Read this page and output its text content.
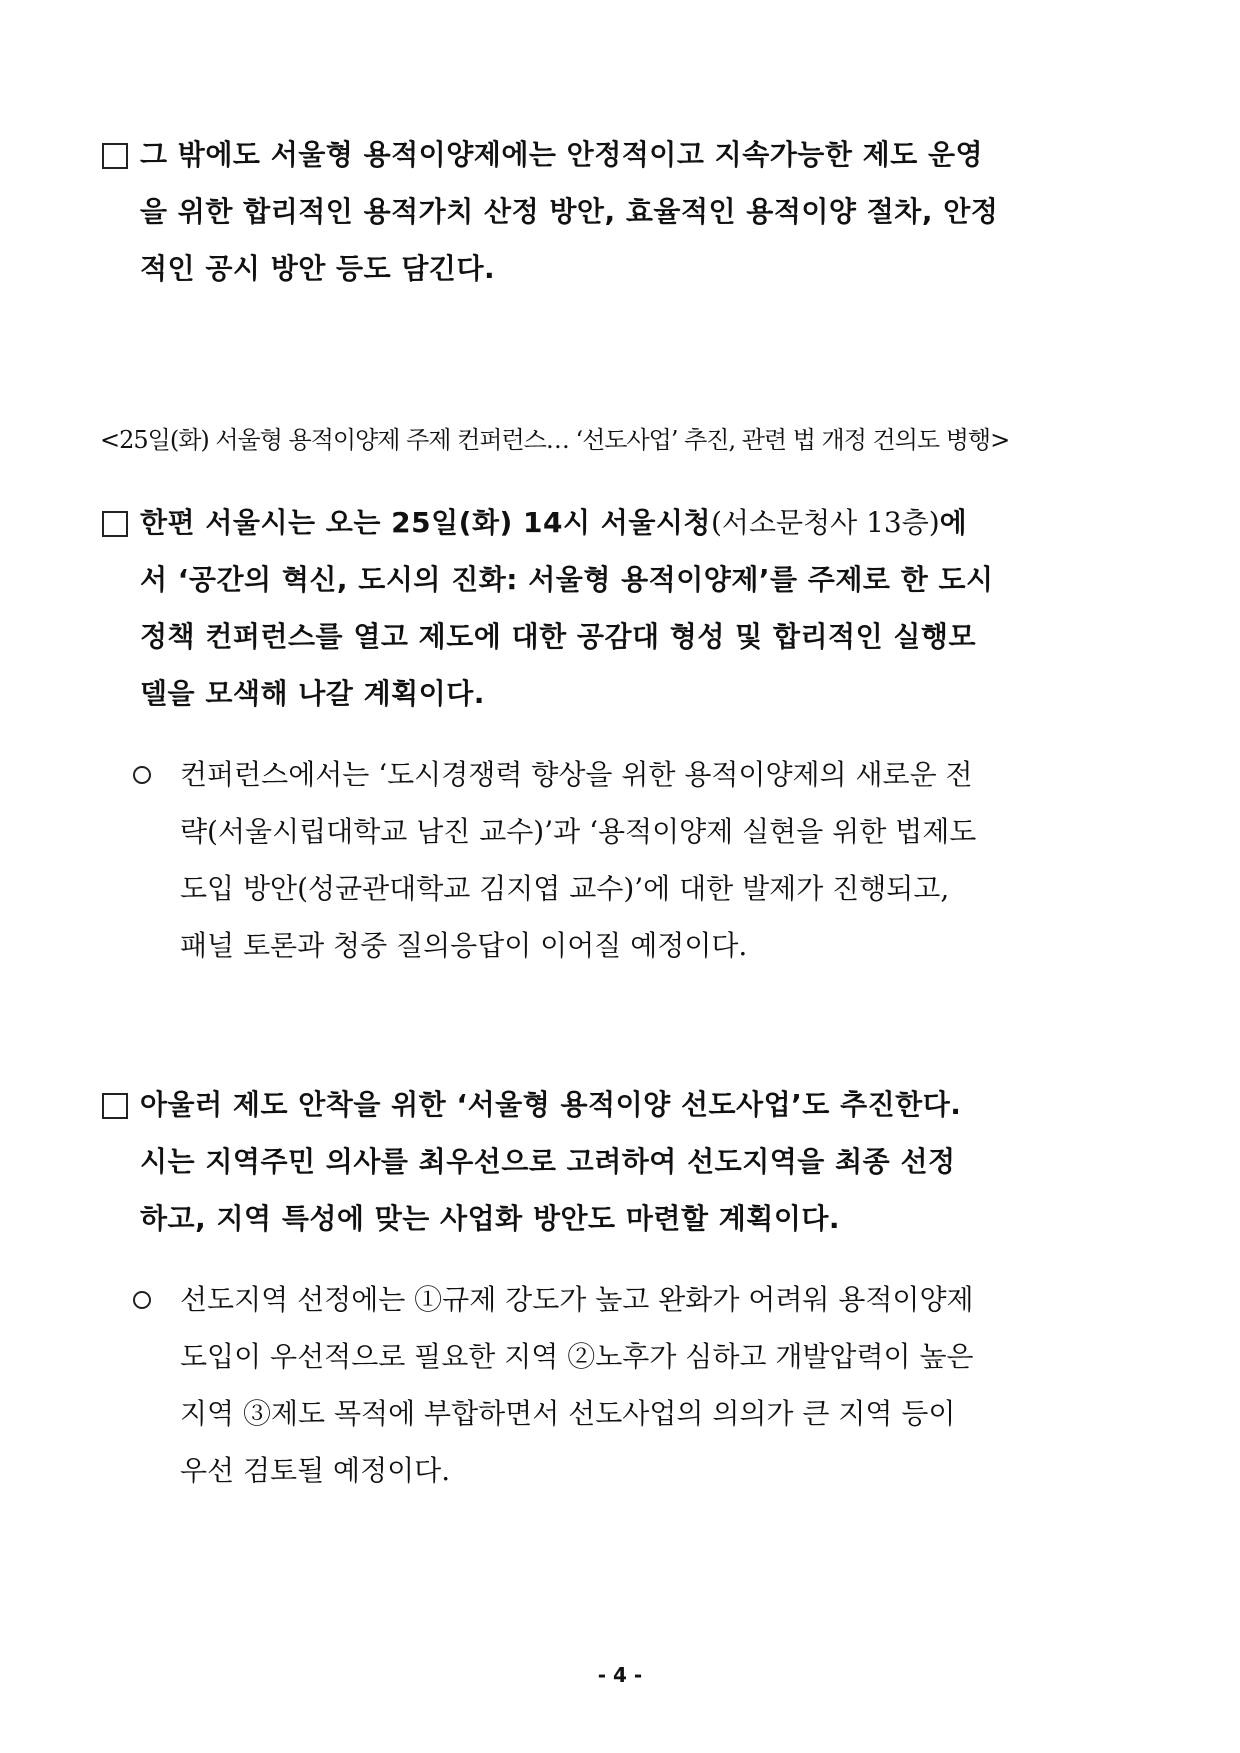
그 밖에도 서울형 용적이양제에는 안정적이고 지속가능한 제도 운영
을 위한 합리적인 용적가치 산정 방안, 효율적인 용적이양 절차, 안정
적인 공시 방안 등도 담긴다.
<25일(화) 서울형 용적이양제 주제 컨퍼런스… ‘선도사업’ 추진, 관련 법 개정 건의도 병행>
한편 서울시는 오는 25일(화) 14시 서울시청(서소문청사 13층)에
서 ‘공간의 혁신, 도시의 진화: 서울형 용적이양제’를 주제로 한 도시
정책 컨퍼런스를 열고 제도에 대한 공감대 형성 및 합리적인 실행모
델을 모색해 나갈 계획이다.
컨퍼런스에서는 ‘도시경쟁력 향상을 위한 용적이양제의 새로운 전
략(서울시립대학교 남진 교수)’과 ‘용적이양제 실현을 위한 법제도
도입 방안(성균관대학교 김지엽 교수)’에 대한 발제가 진행되고,
패널 토론과 청중 질의응답이 이어질 예정이다.
아울러 제도 안착을 위한 ‘서울형 용적이양 선도사업’도 추진한다.
시는 지역주민 의사를 최우선으로 고려하여 선도지역을 최종 선정
하고, 지역 특성에 맞는 사업화 방안도 마련할 계획이다.
선도지역 선정에는 ①규제 강도가 높고 완화가 어려워 용적이양제
도입이 우선적으로 필요한 지역 ②노후가 심하고 개발압력이 높은
지역 ③제도 목적에 부합하면서 선도사업의 의의가 큰 지역 등이
우선 검토될 예정이다.
- 4 -
